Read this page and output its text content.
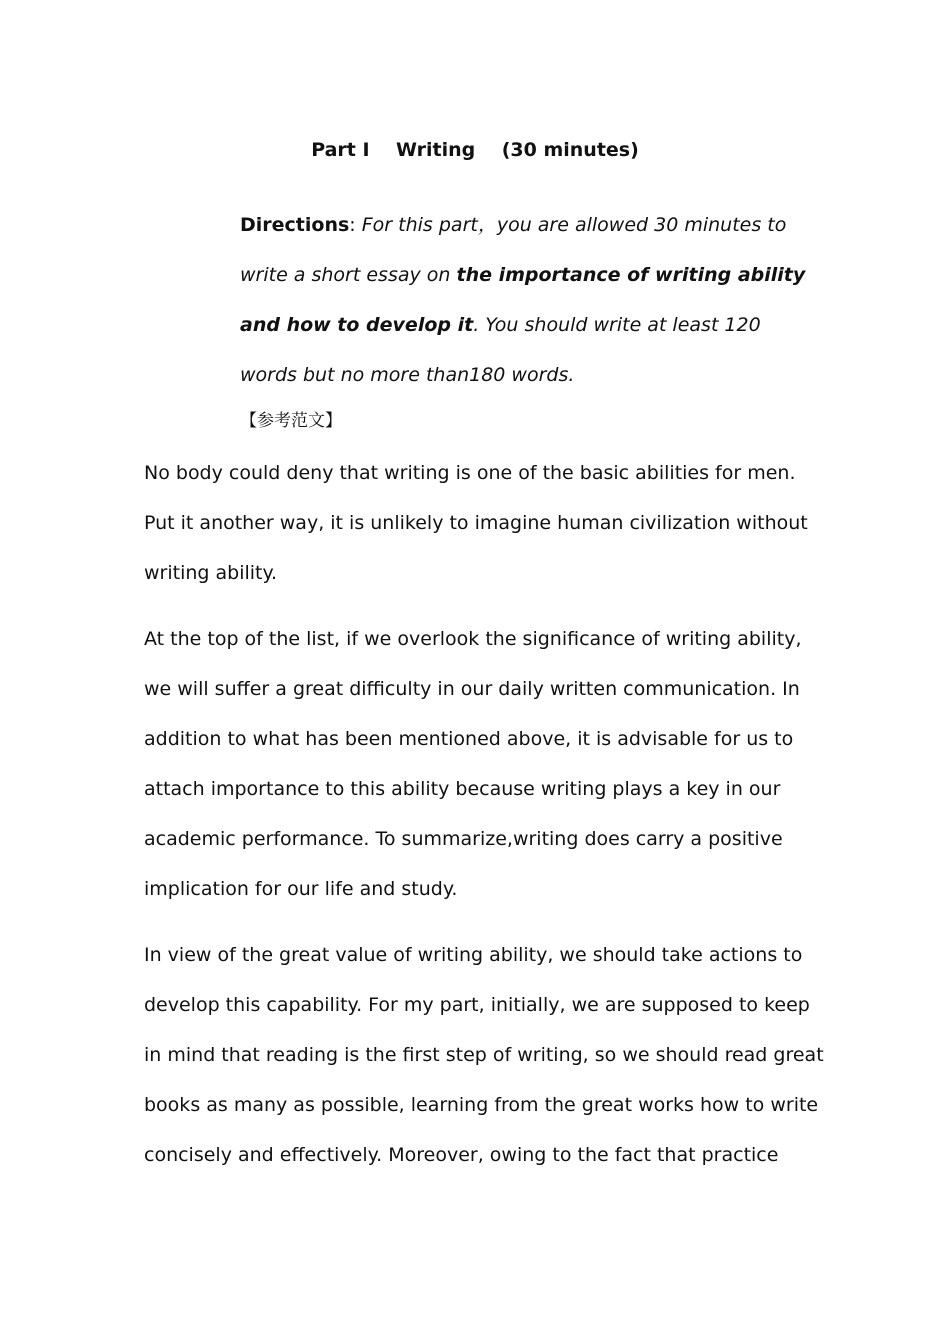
Part I Writing (30 minutes)
Directions: For this part，you are allowed 30 minutes to write a short essay on the importance of writing ability and how to develop it. You should write at least 120 words but no more than180 words.
【参考范文】

No body could deny that writing is one of the basic abilities for men. Put it another way, it is unlikely to imagine human civilization without writing ability.

At the top of the list, if we overlook the significance of writing ability, we will suffer a great difficulty in our daily written communication. In addition to what has been mentioned above, it is advisable for us to attach importance to this ability because writing plays a key in our academic performance. To summarize,writing does carry a positive implication for our life and study.

In view of the great value of writing ability, we should take actions to develop this capability. For my part, initially, we are supposed to keep in mind that reading is the first step of writing, so we should read great books as many as possible, learning from the great works how to write concisely and effectively. Moreover, owing to the fact that practice
